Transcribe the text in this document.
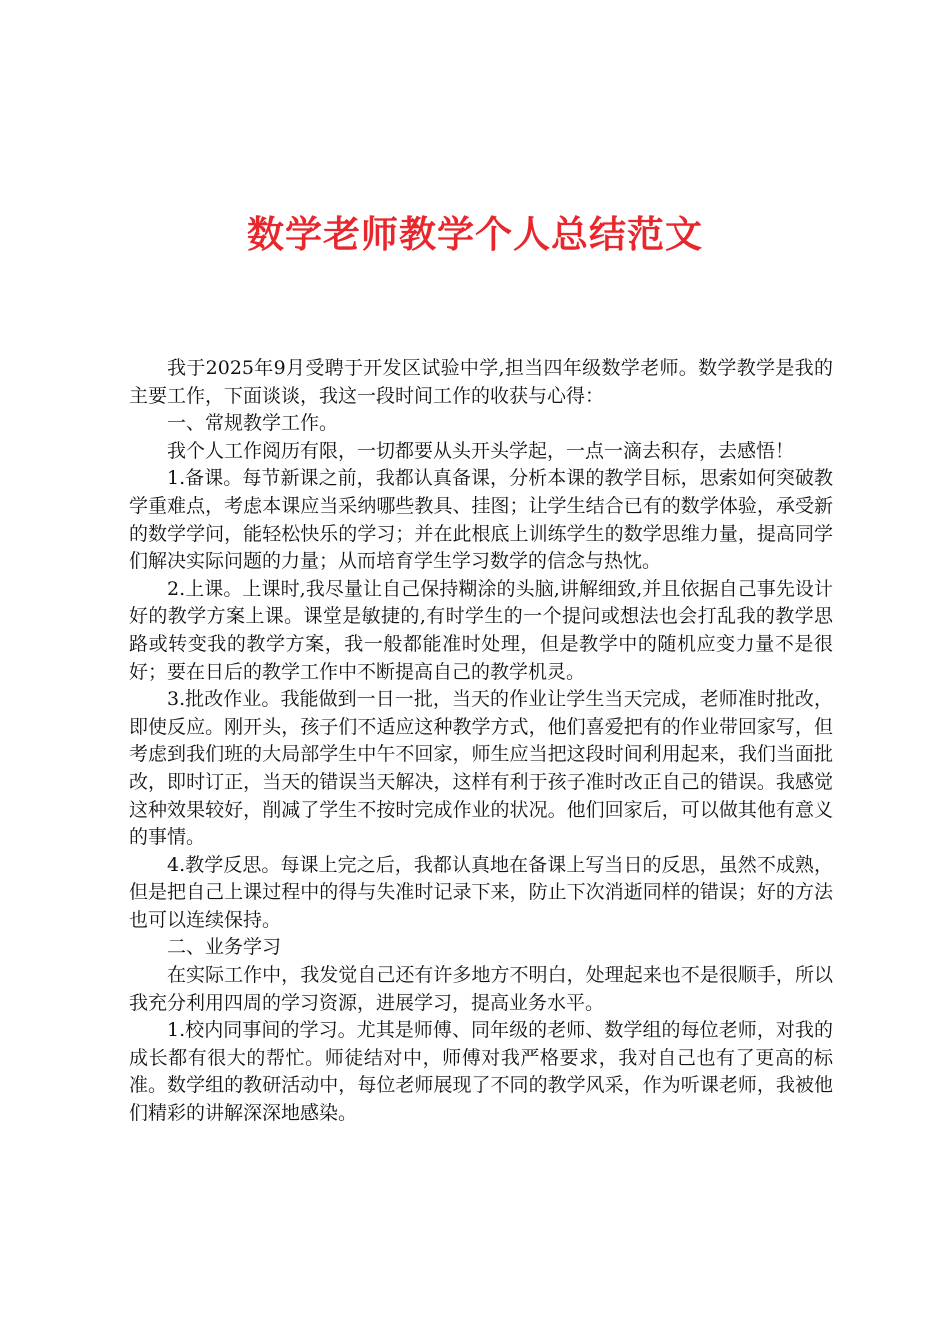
数学老师教学个人总结范文

我于2025年9月受聘于开发区试验中学,担当四年级数学老师。数学教学是我的主要工作，下面谈谈，我这一段时间工作的收获与心得：

一、常规教学工作。

我个人工作阅历有限，一切都要从头开头学起，一点一滴去积存，去感悟！

1.备课。每节新课之前，我都认真备课，分析本课的教学目标，思索如何突破教学重难点，考虑本课应当采纳哪些教具、挂图；让学生结合已有的数学体验，承受新的数学学问，能轻松快乐的学习；并在此根底上训练学生的数学思维力量，提高同学们解决实际问题的力量；从而培育学生学习数学的信念与热忱。

2.上课。上课时,我尽量让自己保持糊涂的头脑,讲解细致,并且依据自己事先设计好的教学方案上课。课堂是敏捷的,有时学生的一个提问或想法也会打乱我的教学思路或转变我的教学方案，我一般都能准时处理，但是教学中的随机应变力量不是很好；要在日后的教学工作中不断提高自己的教学机灵。

3.批改作业。我能做到一日一批，当天的作业让学生当天完成，老师准时批改，即使反应。刚开头，孩子们不适应这种教学方式，他们喜爱把有的作业带回家写，但考虑到我们班的大局部学生中午不回家，师生应当把这段时间利用起来，我们当面批改，即时订正，当天的错误当天解决，这样有利于孩子准时改正自己的错误。我感觉这种效果较好，削减了学生不按时完成作业的状况。他们回家后，可以做其他有意义的事情。

4.教学反思。每课上完之后，我都认真地在备课上写当日的反思，虽然不成熟，但是把自己上课过程中的得与失准时记录下来，防止下次消逝同样的错误；好的方法也可以连续保持。

二、业务学习

在实际工作中，我发觉自己还有许多地方不明白，处理起来也不是很顺手，所以我充分利用四周的学习资源，进展学习，提高业务水平。

1.校内同事间的学习。尤其是师傅、同年级的老师、数学组的每位老师，对我的成长都有很大的帮忙。师徒结对中，师傅对我严格要求，我对自己也有了更高的标准。数学组的教研活动中，每位老师展现了不同的教学风采，作为听课老师，我被他们精彩的讲解深深地感染。
